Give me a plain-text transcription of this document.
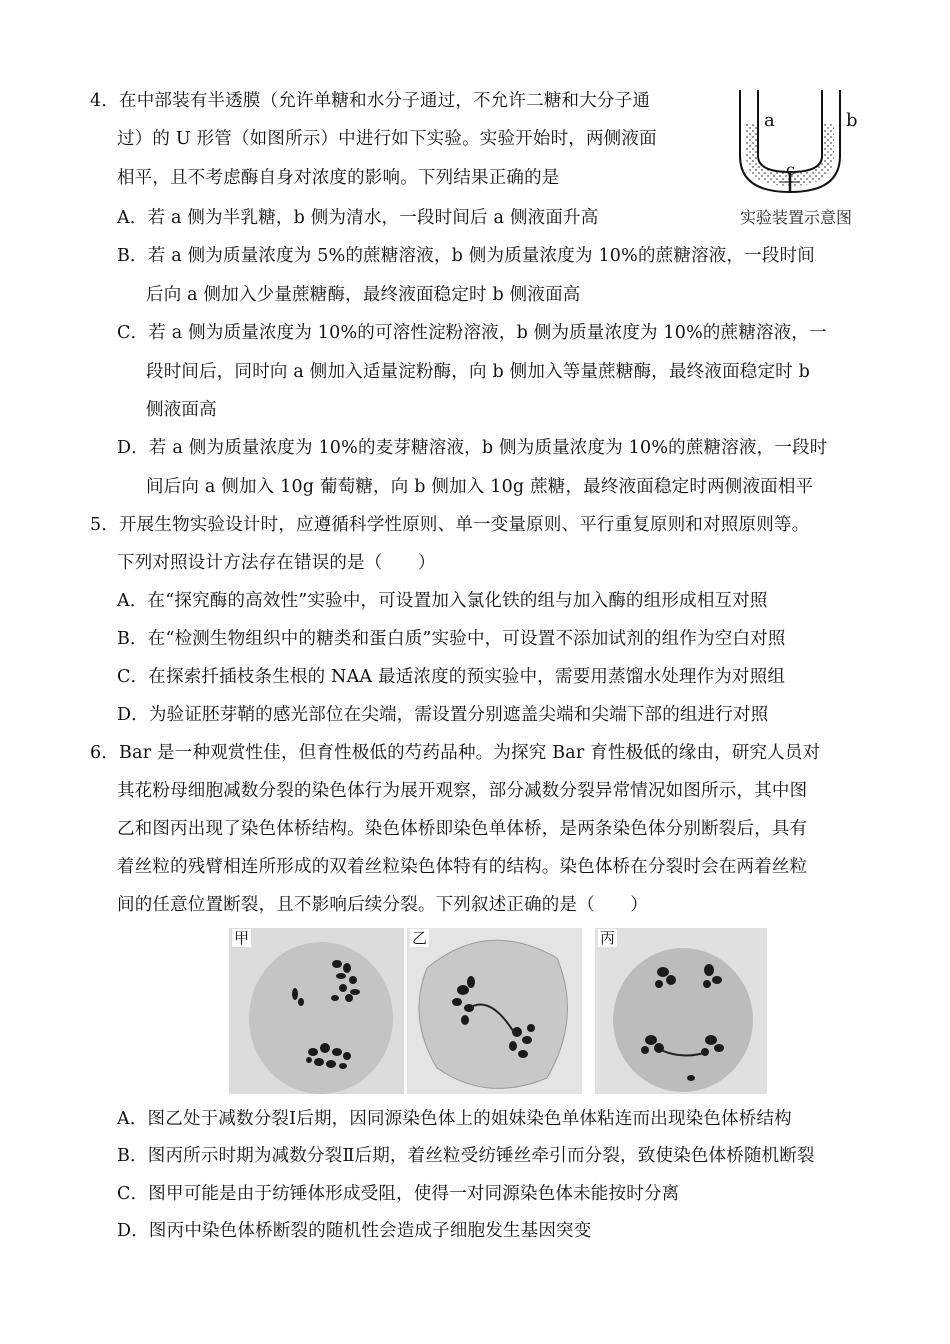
4．在中部装有半透膜（允许单糖和水分子通过，不允许二糖和大分子通
过）的 U 形管（如图所示）中进行如下实验。实验开始时，两侧液面
相平，且不考虑酶自身对浓度的影响。下列结果正确的是
a	b
c
实验装置示意图
A．若 a 侧为半乳糖，b 侧为清水，一段时间后 a 侧液面升高
B．若 a 侧为质量浓度为 5%的蔗糖溶液，b 侧为质量浓度为 10%的蔗糖溶液，一段时间
后向 a 侧加入少量蔗糖酶，最终液面稳定时 b 侧液面高
C．若 a 侧为质量浓度为 10%的可溶性淀粉溶液，b 侧为质量浓度为 10%的蔗糖溶液，一
段时间后，同时向 a 侧加入适量淀粉酶，向 b 侧加入等量蔗糖酶，最终液面稳定时 b
侧液面高
D．若 a 侧为质量浓度为 10%的麦芽糖溶液，b 侧为质量浓度为 10%的蔗糖溶液，一段时
间后向 a 侧加入 10g 葡萄糖，向 b 侧加入 10g 蔗糖，最终液面稳定时两侧液面相平
5．开展生物实验设计时，应遵循科学性原则、单一变量原则、平行重复原则和对照原则等。
下列对照设计方法存在错误的是（　　）
A．在“探究酶的高效性”实验中，可设置加入氯化铁的组与加入酶的组形成相互对照
B．在“检测生物组织中的糖类和蛋白质”实验中，可设置不添加试剂的组作为空白对照
C．在探索扦插枝条生根的 NAA 最适浓度的预实验中，需要用蒸馏水处理作为对照组
D．为验证胚芽鞘的感光部位在尖端，需设置分别遮盖尖端和尖端下部的组进行对照
6．Bar 是一种观赏性佳，但育性极低的芍药品种。为探究 Bar 育性极低的缘由，研究人员对
其花粉母细胞减数分裂的染色体行为展开观察，部分减数分裂异常情况如图所示，其中图
乙和图丙出现了染色体桥结构。染色体桥即染色单体桥，是两条染色体分别断裂后，具有
着丝粒的残臂相连所形成的双着丝粒染色体特有的结构。染色体桥在分裂时会在两着丝粒
间的任意位置断裂，且不影响后续分裂。下列叙述正确的是（　　）
甲	乙	丙
A．图乙处于减数分裂Ⅰ后期，因同源染色体上的姐妹染色单体粘连而出现染色体桥结构
B．图丙所示时期为减数分裂Ⅱ后期，着丝粒受纺锤丝牵引而分裂，致使染色体桥随机断裂
C．图甲可能是由于纺锤体形成受阻，使得一对同源染色体未能按时分离
D．图丙中染色体桥断裂的随机性会造成子细胞发生基因突变
